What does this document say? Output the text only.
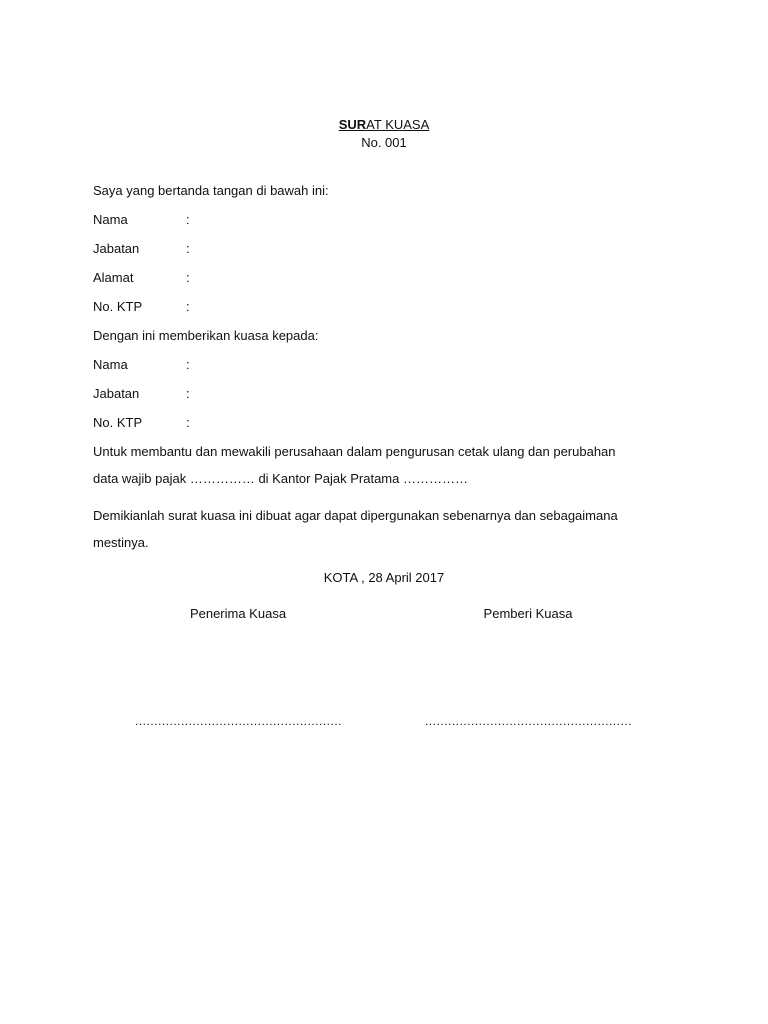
SURAT KUASA
No. 001
Saya yang bertanda tangan di bawah ini:
Nama	:
Jabatan	:
Alamat	:
No. KTP	:
Dengan ini memberikan kuasa kepada:
Nama	:
Jabatan	:
No. KTP	:
Untuk membantu dan mewakili perusahaan dalam pengurusan cetak ulang dan perubahan
data wajib pajak …………… di Kantor Pajak Pratama ……………
Demikianlah surat kuasa ini dibuat agar dapat dipergunakan sebenarnya dan sebagaimana
mestinya.
KOTA , 28 April 2017
Penerima Kuasa	Pemberi Kuasa
………………………………………………	………………………………………………
